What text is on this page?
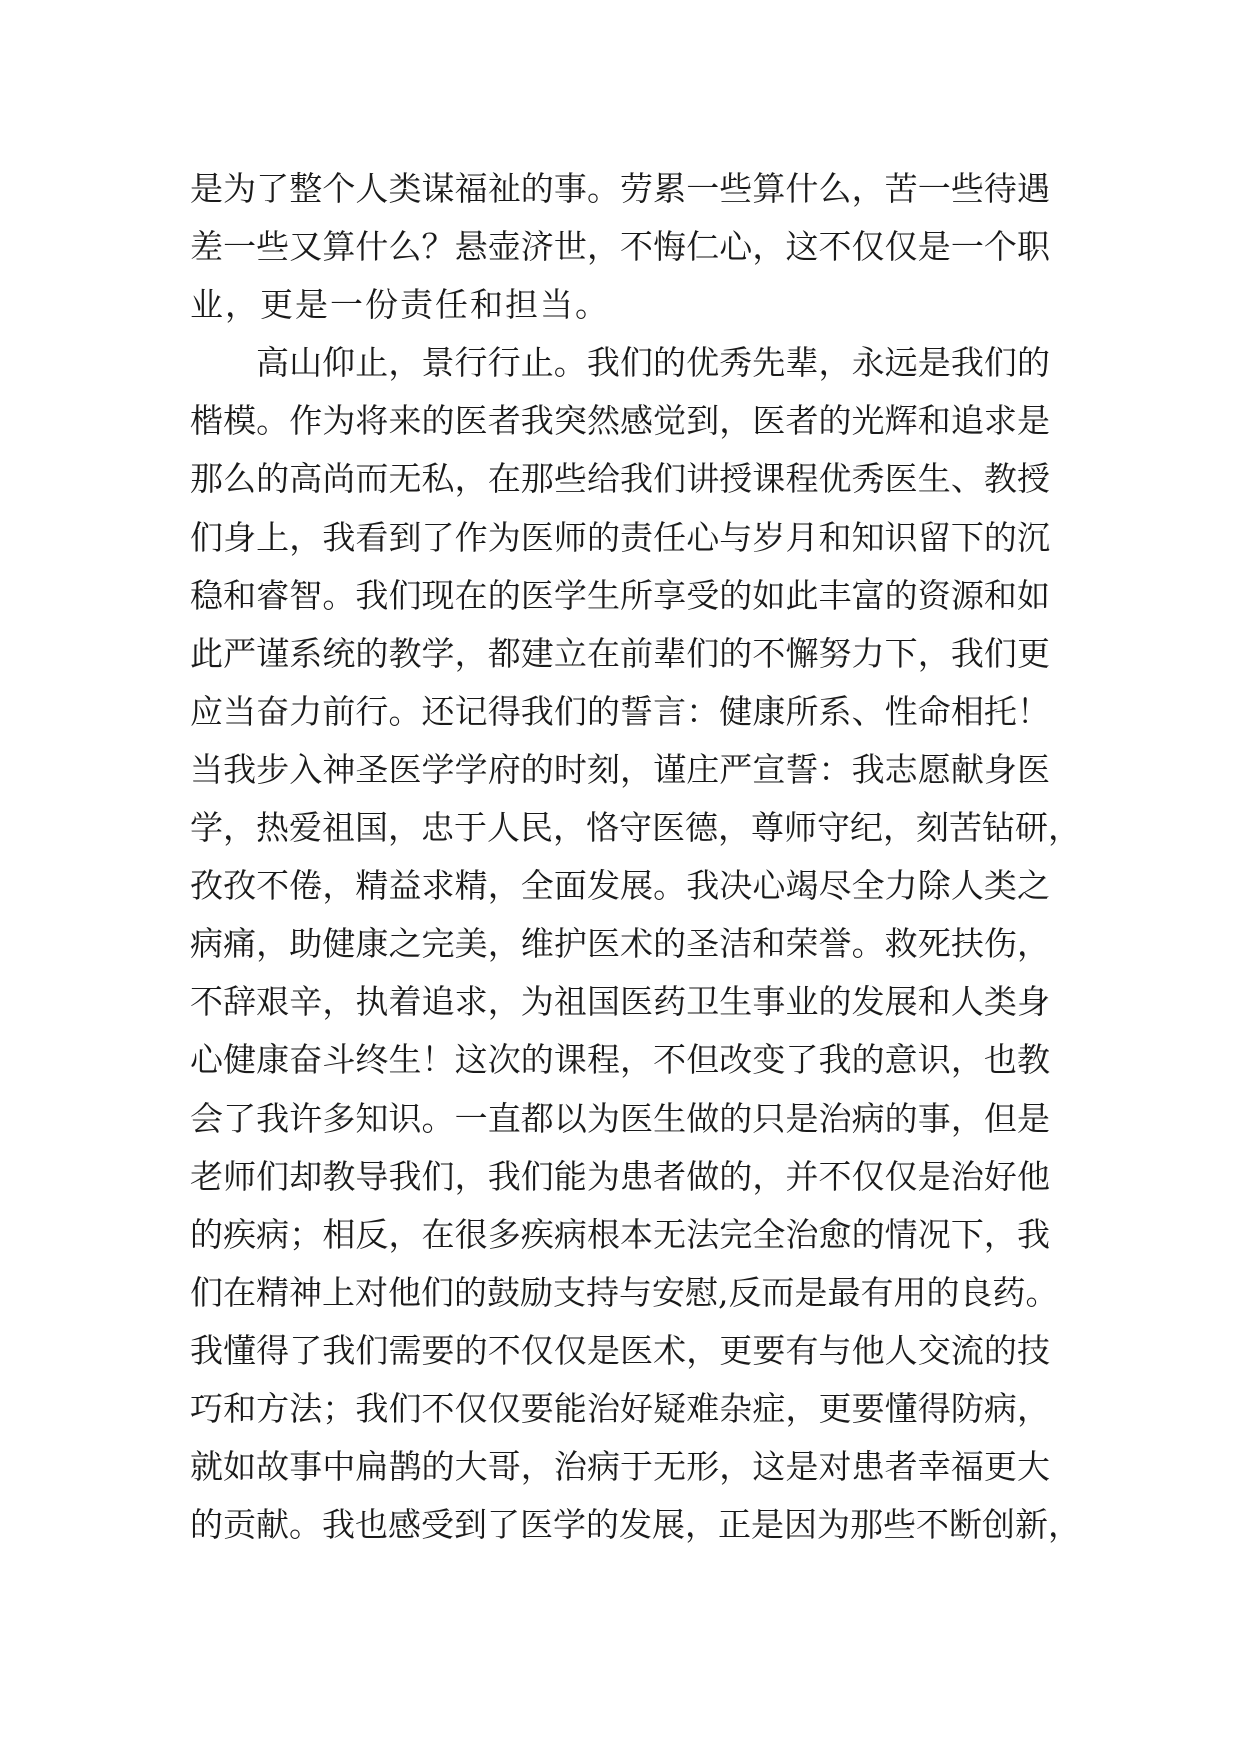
是为了整个人类谋福祉的事。劳累一些算什么，苦一些待遇
差一些又算什么？悬壶济世，不悔仁心，这不仅仅是一个职
业，更是一份责任和担当。
高山仰止，景行行止。我们的优秀先辈，永远是我们的
楷模。作为将来的医者我突然感觉到，医者的光辉和追求是
那么的高尚而无私，在那些给我们讲授课程优秀医生、教授
们身上，我看到了作为医师的责任心与岁月和知识留下的沉
稳和睿智。我们现在的医学生所享受的如此丰富的资源和如
此严谨系统的教学，都建立在前辈们的不懈努力下，我们更
应当奋力前行。还记得我们的誓言：健康所系、性命相托！
当我步入神圣医学学府的时刻，谨庄严宣誓：我志愿献身医
学，热爱祖国，忠于人民，恪守医德，尊师守纪，刻苦钻研，
孜孜不倦，精益求精，全面发展。我决心竭尽全力除人类之
病痛，助健康之完美，维护医术的圣洁和荣誉。救死扶伤，
不辞艰辛，执着追求，为祖国医药卫生事业的发展和人类身
心健康奋斗终生！这次的课程，不但改变了我的意识，也教
会了我许多知识。一直都以为医生做的只是治病的事，但是
老师们却教导我们，我们能为患者做的，并不仅仅是治好他
的疾病；相反，在很多疾病根本无法完全治愈的情况下，我
们在精神上对他们的鼓励支持与安慰,反而是最有用的良药。
我懂得了我们需要的不仅仅是医术，更要有与他人交流的技
巧和方法；我们不仅仅要能治好疑难杂症，更要懂得防病，
就如故事中扁鹊的大哥，治病于无形，这是对患者幸福更大
的贡献。我也感受到了医学的发展，正是因为那些不断创新，
